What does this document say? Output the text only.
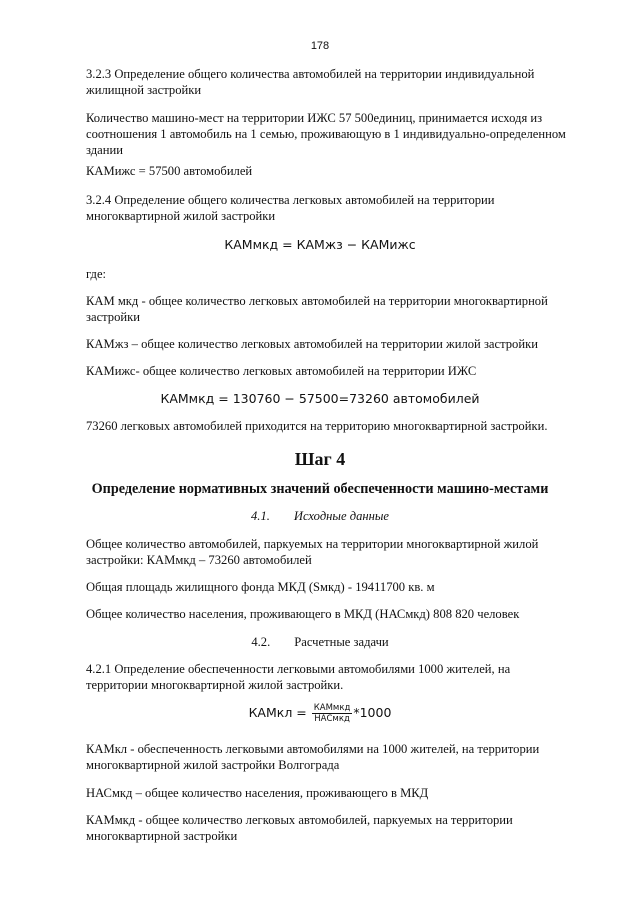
178

3.2.3 Определение общего количества автомобилей на территории индивидуальной жилищной застройки

Количество машино-мест на территории ИЖС 57 500единиц, принимается исходя из соотношения 1 автомобиль на 1 семью, проживающую в 1 индивидуально-определенном здании

КАМижс = 57500 автомобилей

3.2.4 Определение общего количества легковых автомобилей на территории многоквартирной жилой застройки

КАМмкд = КАМжз − КАМижс

где:

КАМ мкд - общее количество легковых автомобилей на территории многоквартирной застройки

КАМжз – общее количество легковых автомобилей на территории жилой застройки

КАМижс- общее количество легковых автомобилей на территории ИЖС

КАМмкд = 130760 − 57500=73260 автомобилей

73260 легковых автомобилей приходится на территорию многоквартирной застройки.

Шаг 4

Определение нормативных значений обеспеченности машино-местами

4.1. Исходные данные

Общее количество автомобилей, паркуемых на территории многоквартирной жилой застройки: КАМмкд – 73260 автомобилей

Общая площадь жилищного фонда МКД (Sмкд) - 19411700 кв. м

Общее количество населения, проживающего в МКД (НАСмкд) 808 820 человек

4.2. Расчетные задачи

4.2.1 Определение обеспеченности легковыми автомобилями 1000 жителей, на территории многоквартирной жилой застройки.

КАМкл = $\frac{\text{КАМмкд}}{\text{НАСмкд}} *1000$

КАМкл - обеспеченность легковыми автомобилями на 1000 жителей, на территории многоквартирной жилой застройки Волгограда

НАСмкд – общее количество населения, проживающего в МКД

КАМмкд - общее количество легковых автомобилей, паркуемых на территории многоквартирной застройки
